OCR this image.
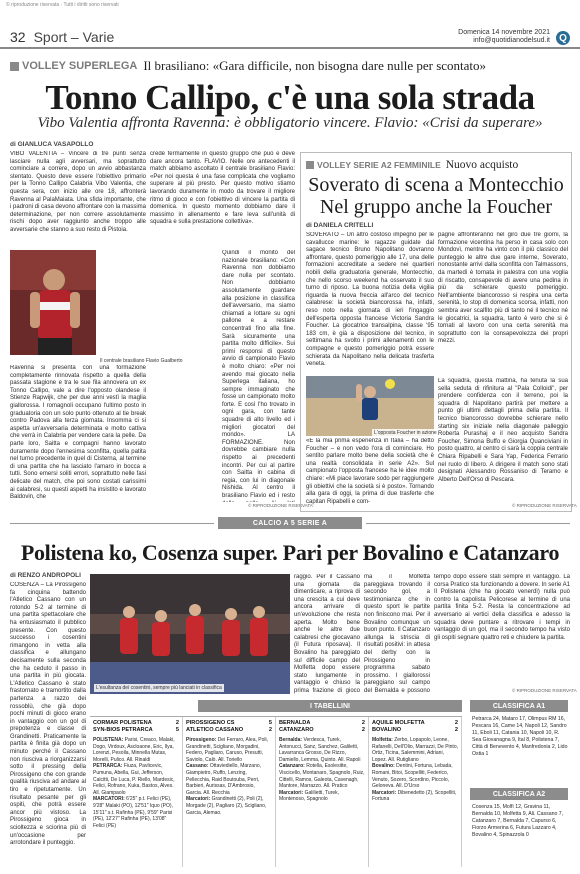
© riproduzione riservata · Tutti i diritti sono riservati
32 Sport – Varie	Domenica 14 novembre 2021
info@quotidianodelsud.it Q
VOLLEY SUPERLEGA Il brasiliano: «Gara difficile, non bisogna dare nulle per scontato»
Tonno Callipo, c'è una sola strada
Vibo Valentia affronta Ravenna: è obbligatorio vincere. Flavio: «Crisi da superare»
di GIANLUCA VASAPOLLO
VIBO VALENTIA – Vincere di tre punti senza lasciare nulla agli avversari, ma soprattutto cominciare a correre, dopo un avvio abbastanza stentato. Questo deve essere l'obiettivo primario per la Tonno Callipo Calabria Vibo Valentia, che questa sera, con inizio alle ore 18, affronterà Ravenna al PalaMaiata. Una sfida importante, che i padroni di casa devono affrontare con la massima determinazione, per non correre assolutamente rischi dopo aver raggiunto anche troppo alle avversarie che stanno a suo resto di Pistoia.
Il centrale brasiliano Flavio Gualberto
Ravenna si presenta con una formazione completamente rinnovata rispetto a quella della passata stagione e tra le sue fila annovera un ex Tonno Callipo, vale a dire l'opposto olandese il Stienze Rapwijk, che per due anni vestì la maglia giallorossa. I romagnoli occupano l'ultimo posto in graduatoria con un solo punto ottenuto al tie break contro Padova alla terza giornata. Insomma ci si aspetta un'avversaria determinata e molto cattiva che verrà in Calabria per vendere cara la pelle. Da parte loro, Saitta e compagni hanno lavorato duramente dopo l'ennesima sconfitta, quella patita nel turno precedente in quel di Cisterna, al termine di una partita che ha lasciato l'amaro in bocca a tutti. Sono emersi soliti errori, soprattutto nelle fasi delicate del match, che poi sono costati carissimi ai calabresi, su questi aspetti ha insistito e lavorato Baldovin, che
crede fermamente in questo gruppo che può e deve dare ancora tanto. FLAVIO. Nelle ore antecedenti il match abbiamo ascoltato il centrale brasiliano Flavio: «Per noi questa è una fase complicata che vogliamo superare al più presto. Per questo motivo stiamo lavorando duramente in modo da trovare il migliore ritmo di gioco e con l'obiettivo di vincere la partita di domenica. In questo momento dobbiamo dare il massimo in allenamento e fare leva sull'unità di squadra e sulla prestazione collettiva».
Quindi il monito del nazionale brasiliano: «Con Ravenna non dobbiamo dare nulla per scontato. Non dobbiamo assolutamente guardare alla posizione in classifica dell'avversario, ma siamo chiamati a lottare su ogni pallone e a restare concentrati fino alla fine. Sarà sicuramente una partita molto difficile». Sui primi responsi di questo avvio di campionato Flavio è molto chiaro: «Per noi avendo mai giocato nella Superlega italiana, ho sempre immaginato che fosse un campionato molto forte. E così l'ho trovato in ogni gara, con tante squadre di alto livello ed i migliori giocatori del mondo». LA FORMAZIONE. Non dovrebbe cambiare nulla rispetto ai precedenti incontri. Per cui al partire con Saitta in cabina di regia, con lui in diagonale Nishida. Al centro il brasiliano Flavio ed i resto
© RIPRODUZIONE RISERVATA
VOLLEY SERIE A2 FEMMINILE Nuovo acquisto
Soverato di scena a Montecchio
Nel gruppo anche la Foucher
di DANIELA CRITELLI
SOVERATO – Un altro costoso impegno per le cavallucce marine: le ragazze guidate dal sagace tecnico Bruno Napolitano dovranno affrontare, questo pomeriggio alle 17, una delle formazioni accreditate a sedere nei quartieri nobili della graduatoria generale, Montecchio, che nello scorso weekend ha osservato il suo turno di riposo. La buona notizia della vigilia riguarda la nuova freccia all'arco del tecnico calabrese: la società biancorossa ha, infatti, reso noto nella giornata di ieri l'ingaggio dell'esperta opposta francese Victoria Sandra Foucher. La giocatrice transalpina, classe '95 183 cm, è già a disposizione del tecnico, in settimana ha svolto i primi allenamenti con le compagne e questo pomeriggio potrà essere schierata da Napolitano nella delicata trasferta veneta.
L'opposta Foucher in azione
«È la mia prima esperienza in Italia – ha detto Foucher – e non vedo l'ora di cominciare. Ho sentito parlare molto bene della società che è una realtà consolidata in serie A2». Sul campionato l'opposta francese ha le idee molto chiare: «Mi piace lavorare sodo per raggiungere gli obiettivi che la società si è posto». Tornando alla gara di oggi, la prima di due trasferte che capitan Ripabelli e com-
pagne affronteranno nel giro due tre giorni, la formazione vicentina ha perso in casa solo con Mondovì, mentre ha vinto con il più classico del punteggio le altre due gare interne, Soverato, nonostante arrivi dalla sconfitta con Talmassons, da martedì è tornata in palestra con una voglia di riscatto, consapevole di avere una pedina in più da schierare questo pomeriggio. Nell'ambiente biancorosso si respira una certa serenità, lo stop di domenica scorsa, infatti, non sembra aver scalfito più di tanto né il tecnico né le giocatrici, la squadra, tanto è vero che si è tornati al lavoro con una certa serenità ma soprattutto con la consapevolezza dei propri mezzi.
La squadra, questa mattina, ha tenuta la sua sella seduta di rifinitura al "Pala Colloidi", per prendere confidenza con il terreno, poi la squadra di Napolitano partirà per mettere a punto gli ultimi dettagli prima della partita. Il tecnico biancorosso dovrebbe schierare nello starting six iniziale nella diagonale palleggio Roberta Purashaj e il neo acquisto Sandra Foucher, Simona Buffo e Giorgia Quanciviani in posto quattro, al centro ci sarà la coppia centrale Chiara Ripabelli e Sara Yap, Federica Ferrario nel ruolo di libero. A dirigere il match sono stati designati Alessandro Rossaniso di Teramo e Alberto Dell'Orso di Pescara.
© RIPRODUZIONE RISERVATA
CALCIO A 5 SERIE A
Polistena ko, Cosenza super. Pari per Bovalino e Catanzaro
di RENZO ANDROPOLI
COSENZA – La Pirossigeno fa cinquina battendo l'Atletico Cassano con un rotondo 5-2 al termine di una partita spettacolare che ha entusiasmato il pubblico presente. Con questo successo i cosentini rimangono in vetta alla classifica e allungano decisamente sulla seconda che ha ceduto il passo in una partita in più giocata. L'Atletico Cassano è stato frastornato e tramortito dalla partenza a razzo dei rossoblù, che già dopo pochi minuti di gioco erano in vantaggio con un gol di prepotenza e classe di Grandinetti. Praticamente la partita è finita già dopo un minuto perché il Cassano non riusciva a riorganizzarsi sotto il pressing della Pirossigeno che con grande qualità riusciva ad andare al tiro e ripetutamente. Un risultato pesante per gli ospiti, che potrà essere ancor più vistoso. La Pirossigeno gioca in scioltezza e sciorina più di un'occasione per arrotondare il punteggio.
L'esultanza dei cosentini, sempre più lanciati in classifica
raggio. Per il Cassano una giornata da dimenticare, a riprova di una crescita a cui deve ancora arrivare di un'evoluzione che resta aperta. Molto bene anche le altre due calabresi che giocavano (il Futura riposava). Il Bovalino ha pareggiato sul difficile campo del Molfetta dopo essere stato lungamente in vantaggio e chiuso la prima frazione di gioco
ma il Molfetta pareggiava trovando il secondo gol, a testimonianza che in questo sport le partite non finiscono mai. Per il Bovalino comunque un buon punto. Il Catanzaro allunga la striscia di risultati positivi: in attesa del derby con la Pirossigeno in programma sabato prossimo. I giallorossi pareggiano sul campo del Bernalda e possono
tempo dopo essere stati sempre in vantaggio. La corsa Pratico sta funzionando a dovere. In serie A1 Il Polistena (che ha giocato venerdì) nulla può contro la capolista Pelicorese al termine di una partita finita 5-2. Resta la concentrazione ad avversario ai vertici della classifica e adesso la squadra deve puntare a ritrovare i tempi in vantaggio di un gol, ma il secondo tempo ha visto gli ospiti segnare quattro reti e chiudere la partita.
© RIPRODUZIONE RISERVATA
I TABELLINI
CORMAR POLISTENA	2
SYN-BIOS PETRARCA	5
POLISTENA: Parisi, Creaco, Malaki, Dogo, Virdoux, Ascloaone, Eric, Ilya, Lorenzi, Pesolla, Minnella Mutas, Morelli, Pulico. All. Rinaldi
PETRARCA: Fiuza, Pavlicevic, Pumuna, Abella, Gui, Jefferson, Calcitti, De Luca, P. Riello, Mardesic, Felici, Rofrano, Kuka, Bastos, Alves. All. Giampaolo
MARCATORI: 6'25" p.t. Felici (PE), 9'28" Malaki (PO), 12'51" Iquo (PO), 15'11" s.t. Rafinha (PE), 9'59" Parisi (PE), 12'27" Rafinha (PE), 13'08" Felici (PE)
PIROSSIGENO CS	5
ATLETICO CASSANO	2
Pirossigeno: Dei Ferraro, Alea, Poli, Grandinetti, Scigliano, Morgadini, Federo, Pagliaro, Caruso, Presutti, Saviolo, Calò. All. Toriello
Cassano: Ottaviediello, Marzano, Giampietro, Ruffo, Lenzing, Pellecchia, Raid Boutouba, Perri, Barbieri, Aurissas, D'Ambrosio, Garcia. All. Recchia
Marcatori: Grandinetti (2), Poli (2), Morgade (2), Pagliaro (2), Scigliano, Garcia, Alemao.
BERNALDA	2
CATANZARO	2
Bernalda: Verdesca, Turek, Antonucci, Sanz, Sanchez, Galiletti, Lavarranca Grosso, De Rizzo, Damiello, Lemma, Quinto. All. Rapoli
Catanzaro: Rotella, Esolesitte, Viscicello, Montanaro, Spagnolo, Ruiz, Cittelli, Ramos, Galeota, Cavenagh, Mantore, Marrazzo. All. Pratico
Marcatori: Galilietti, Turek, Montenoso, Spagnolo
AQUILE MOLFETTA	2
BOVALINO	2
Molfetta: Zerbo, Lopapolo, Leone, Rafanelli, Dell'Olio, Marrazzi, De Pinto, Ortiz, Ticina, Salemmini, Adriani, Lopez. All. Rutigliano
Bovalino: Dentini, Fortuna, Lebada, Romani, Bitoi, Scopelliti, Federico, Venuto, Sozero, Scordino, Piccolo, Geloneva. All. D'Urso
Marcatori: Dibenedetto (2), Scopelliti, Fortuna
CLASSIFICA A1
Petrarca 24, Mataro 17, Olimpus RM 16, Pescara 16, Came 14, Napoli 12, Sandro 11, Eboli 11, Catania 10, Napoli 10, R. Sea Giovanagna 9, Ital 8, Polistena 7, Città di Benevento 4, Manfredonia 2, Lido Ostia 1
CLASSIFICA A2
Cosenza 15, Molfì 12, Gravina 11, Bernalda 10, Molfetta 9, Ali. Cassano 7, Catanzaro 7, Bernalda 7, Capurso 6, Fiorzo Armerina 6, Futura Lazzaro 4, Bovalino 4, Spinazzola 0
